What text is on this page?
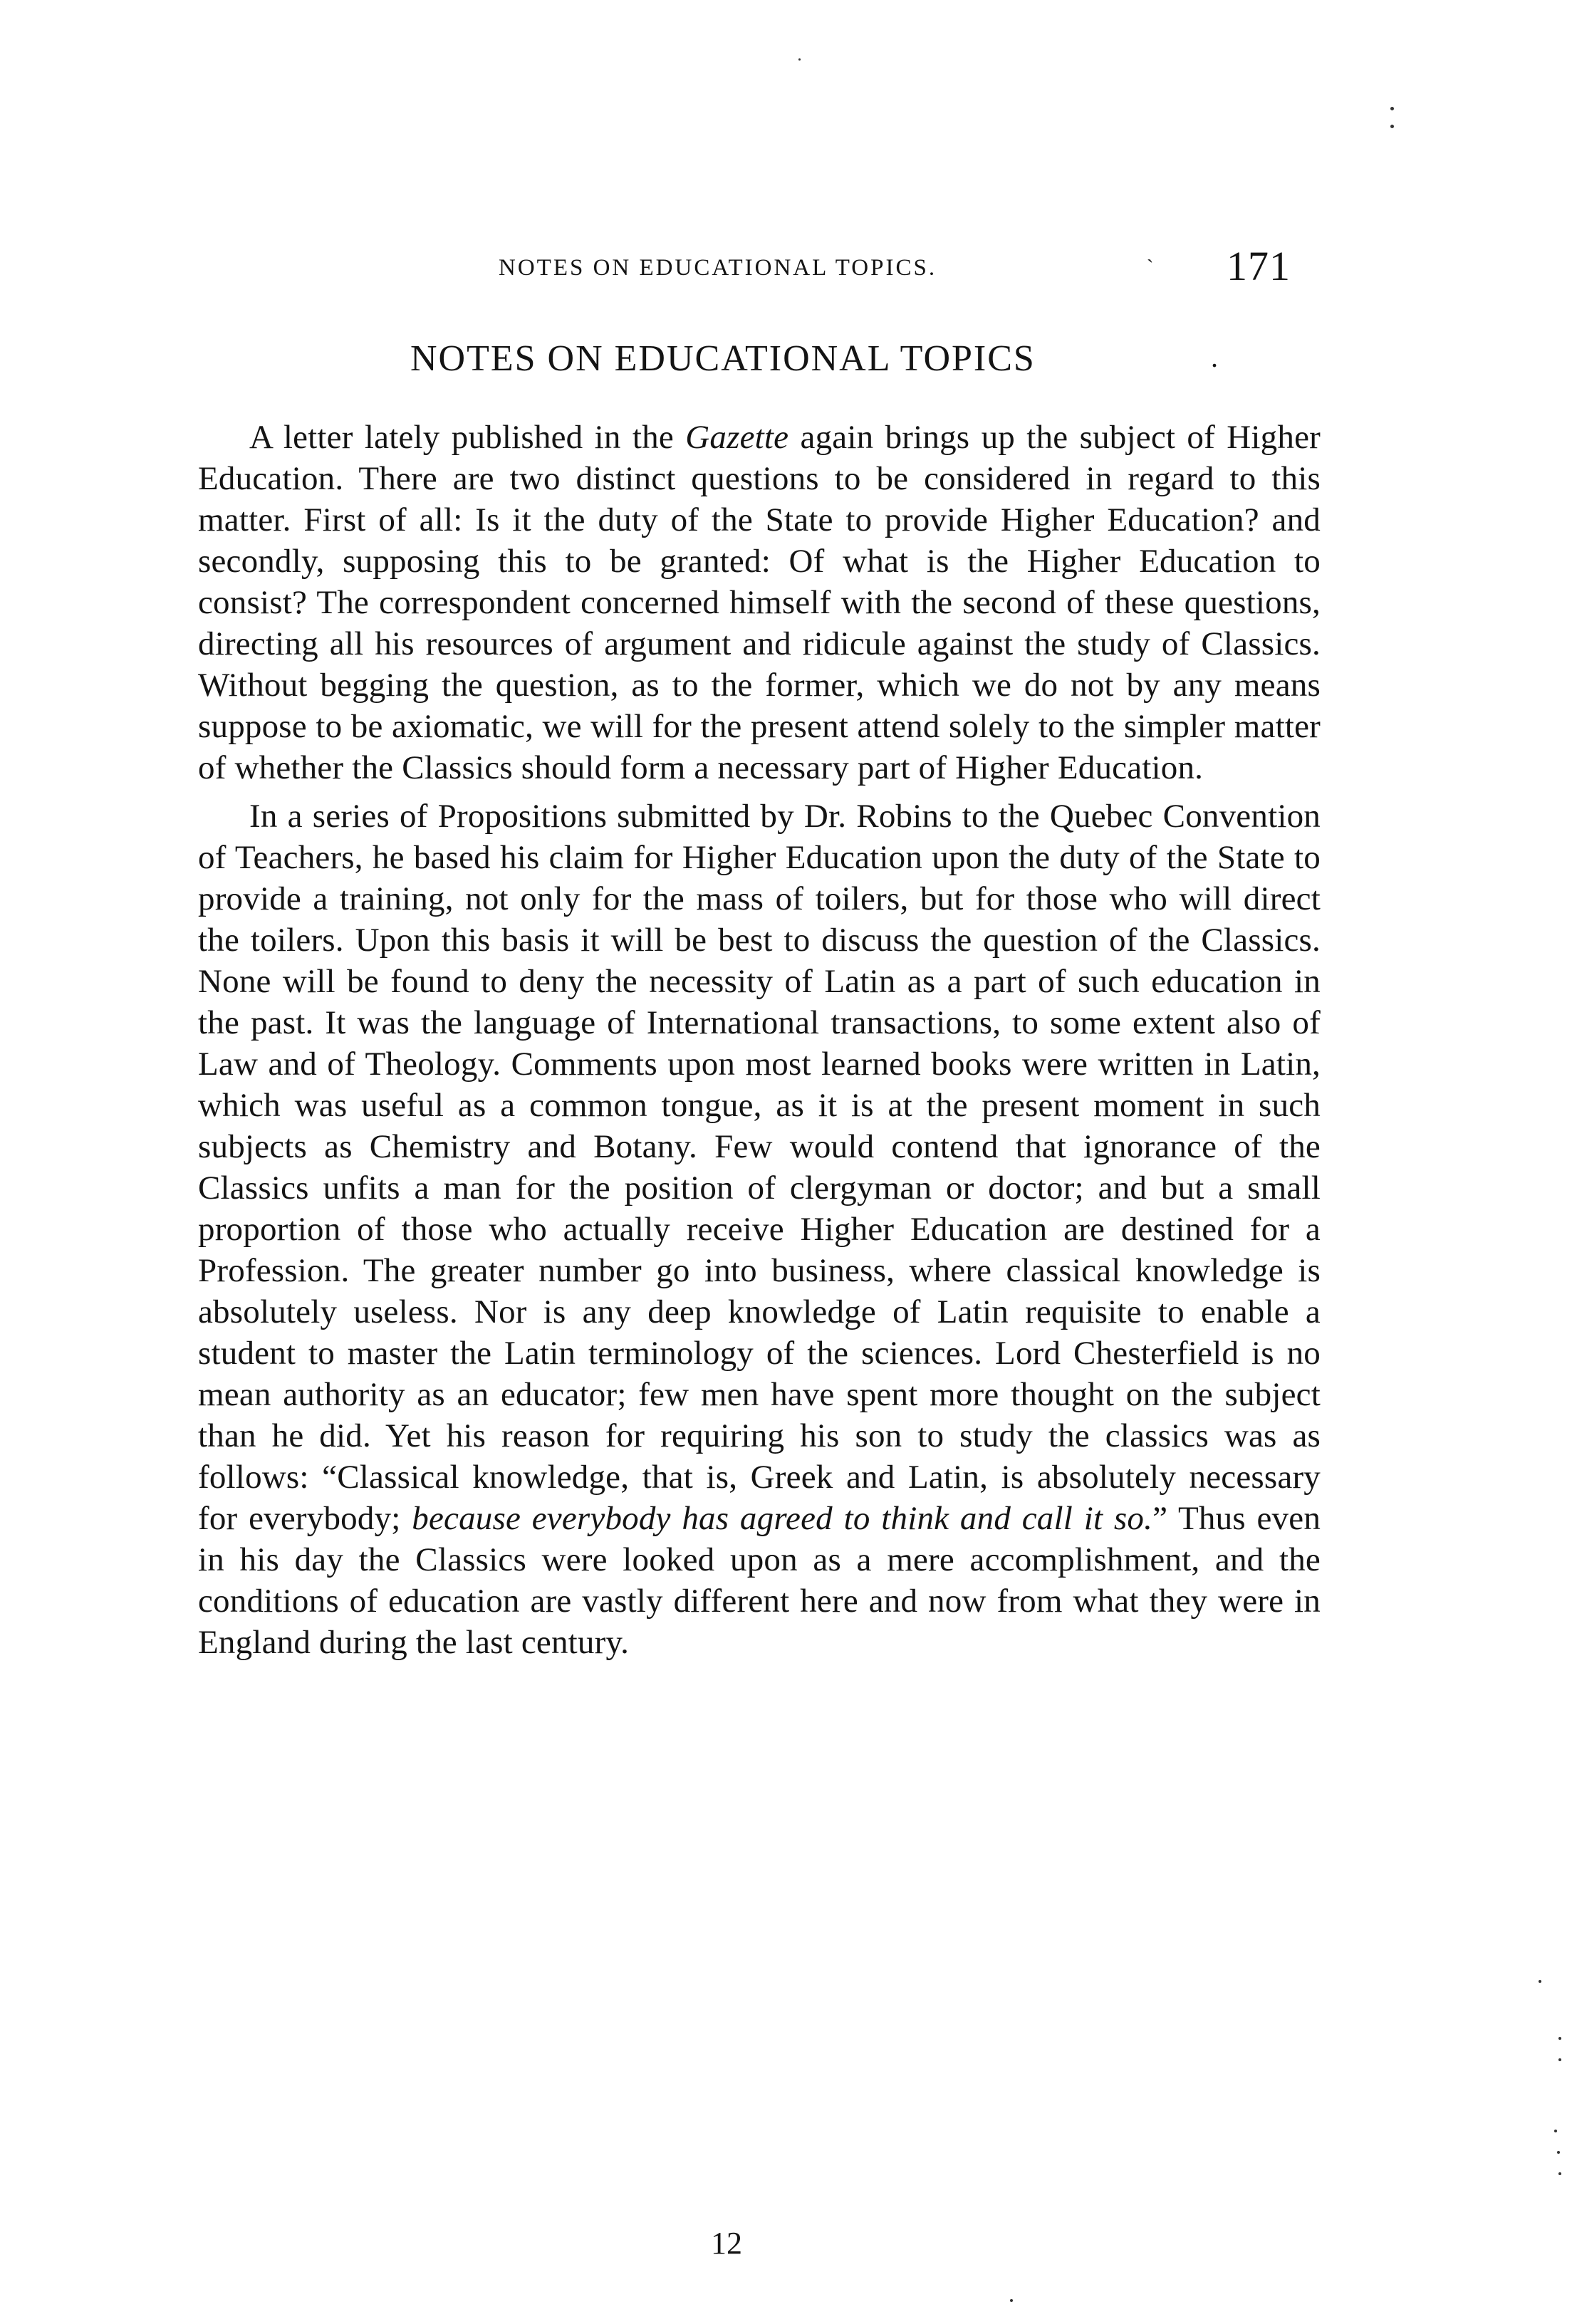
NOTES ON EDUCATIONAL TOPICS.	` 171
NOTES ON EDUCATIONAL TOPICS	.

A letter lately published in the Gazette again brings up the subject of Higher Education. There are two distinct questions to be considered in regard to this matter. First of all: Is it the duty of the State to provide Higher Education? and secondly, supposing this to be granted: Of what is the Higher Education to consist? The correspondent concerned himself with the second of these questions, directing all his resources of argument and ridicule against the study of Classics. Without begging the question, as to the former, which we do not by any means suppose to be axiomatic, we will for the present attend solely to the simpler matter of whether the Classics should form a necessary part of Higher Education.

In a series of Propositions submitted by Dr. Robins to the Quebec Convention of Teachers, he based his claim for Higher Education upon the duty of the State to provide a training, not only for the mass of toilers, but for those who will direct the toilers. Upon this basis it will be best to discuss the question of the Classics. None will be found to deny the necessity of Latin as a part of such education in the past. It was the language of International transactions, to some extent also of Law and of Theology. Comments upon most learned books were written in Latin, which was useful as a common tongue, as it is at the present moment in such subjects as Chemistry and Botany. Few would contend that ignorance of the Classics unfits a man for the position of clergyman or doctor; and but a small proportion of those who actually receive Higher Education are destined for a Profession. The greater number go into business, where classical knowledge is absolutely useless. Nor is any deep knowledge of Latin requisite to enable a student to master the Latin terminology of the sciences. Lord Chesterfield is no mean authority as an educator; few men have spent more thought on the subject than he did. Yet his reason for requiring his son to study the classics was as follows: “Classical knowledge, that is, Greek and Latin, is absolutely necessary for everybody; because everybody has agreed to think and call it so.” Thus even in his day the Classics were looked upon as a mere accomplishment, and the conditions of education are vastly different here and now from what they were in England during the last century.

12
